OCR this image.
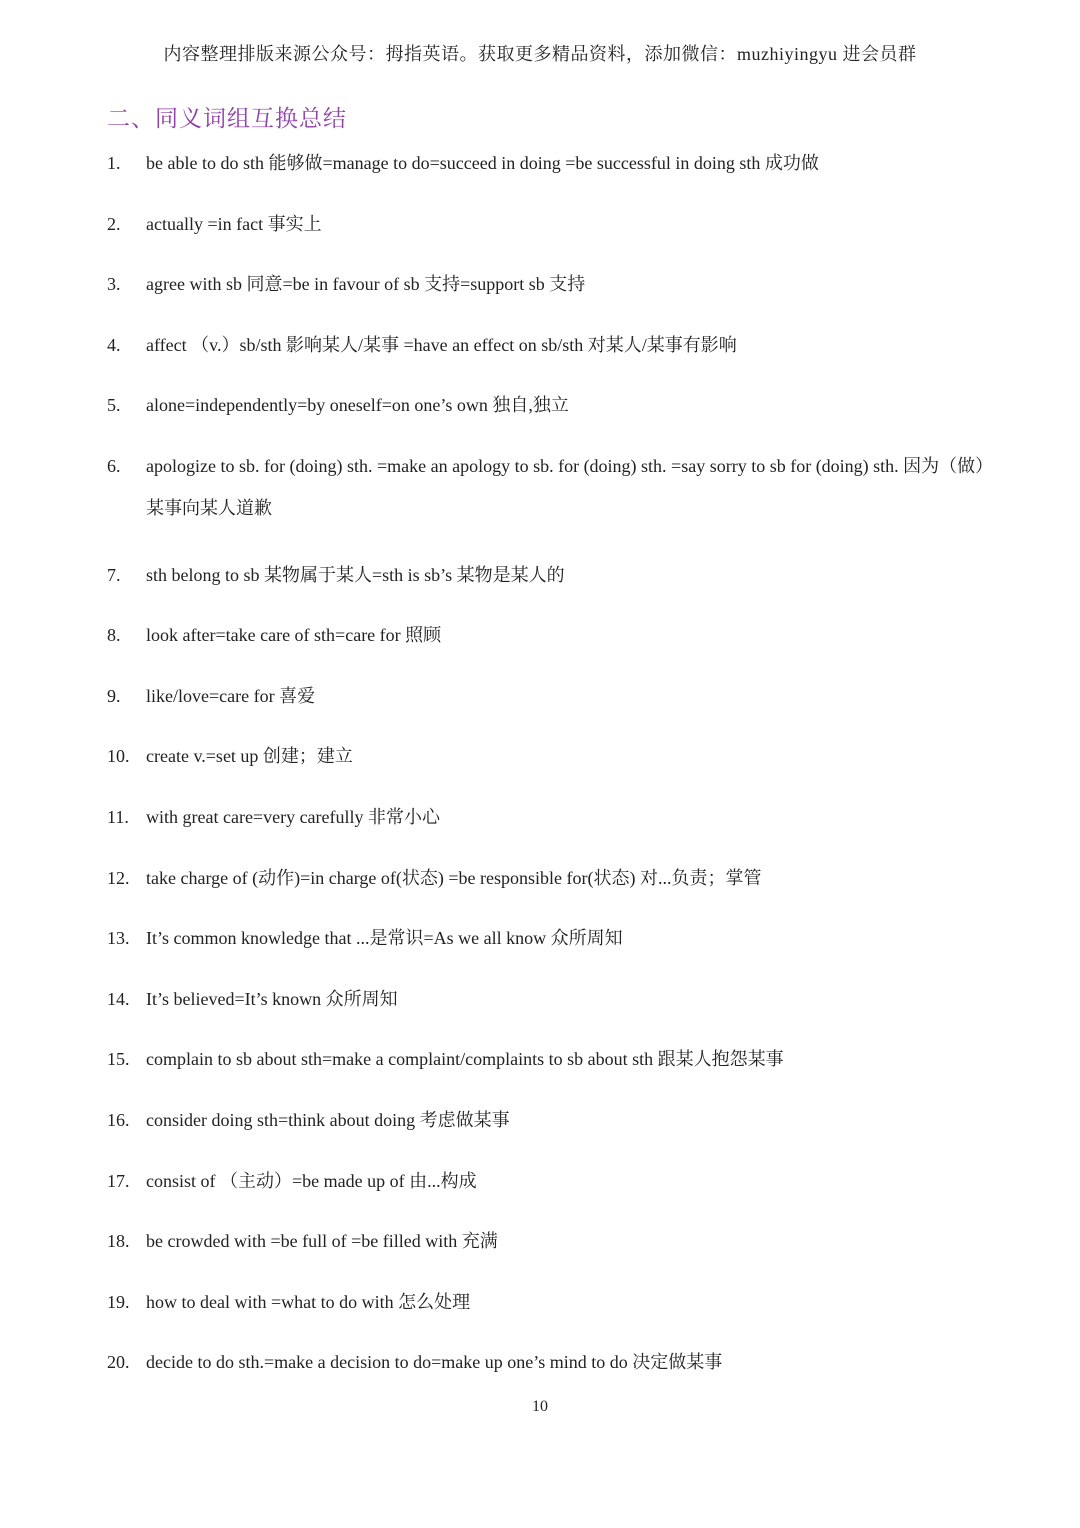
内容整理排版来源公众号：拇指英语。获取更多精品资料，添加微信：muzhiyingyu 进会员群
二、同义词组互换总结
1.	be able to do sth 能够做=manage to do=succeed in doing =be successful in doing sth 成功做
2.	actually =in fact 事实上
3.	agree with sb 同意=be in favour of sb 支持=support sb 支持
4.	affect （v.）sb/sth 影响某人/某事 =have an effect on sb/sth 对某人/某事有影响
5.	alone=independently=by oneself=on one’s own 独自,独立
6.	apologize to sb. for (doing) sth. =make an apology to sb. for (doing) sth. =say sorry to sb for (doing) sth. 因为（做）某事向某人道歉
7.	sth belong to sb 某物属于某人=sth is sb’s 某物是某人的
8.	look after=take care of sth=care for 照顾
9.	like/love=care for 喜爱
10. create v.=set up 创建；建立
11. with great care=very carefully 非常小心
12. take charge of (动作)=in charge of(状态) =be responsible for(状态) 对...负责；掌管
13. It’s common knowledge that ...是常识=As we all know 众所周知
14. It’s believed=It’s known 众所周知
15. complain to sb about sth=make a complaint/complaints to sb about sth 跟某人抱怨某事
16. consider doing sth=think about doing 考虑做某事
17. consist of （主动）=be made up of 由...构成
18. be crowded with =be full of =be filled with 充满
19. how to deal with =what to do with 怎么处理
20. decide to do sth.=make a decision to do=make up one’s mind to do 决定做某事
10
